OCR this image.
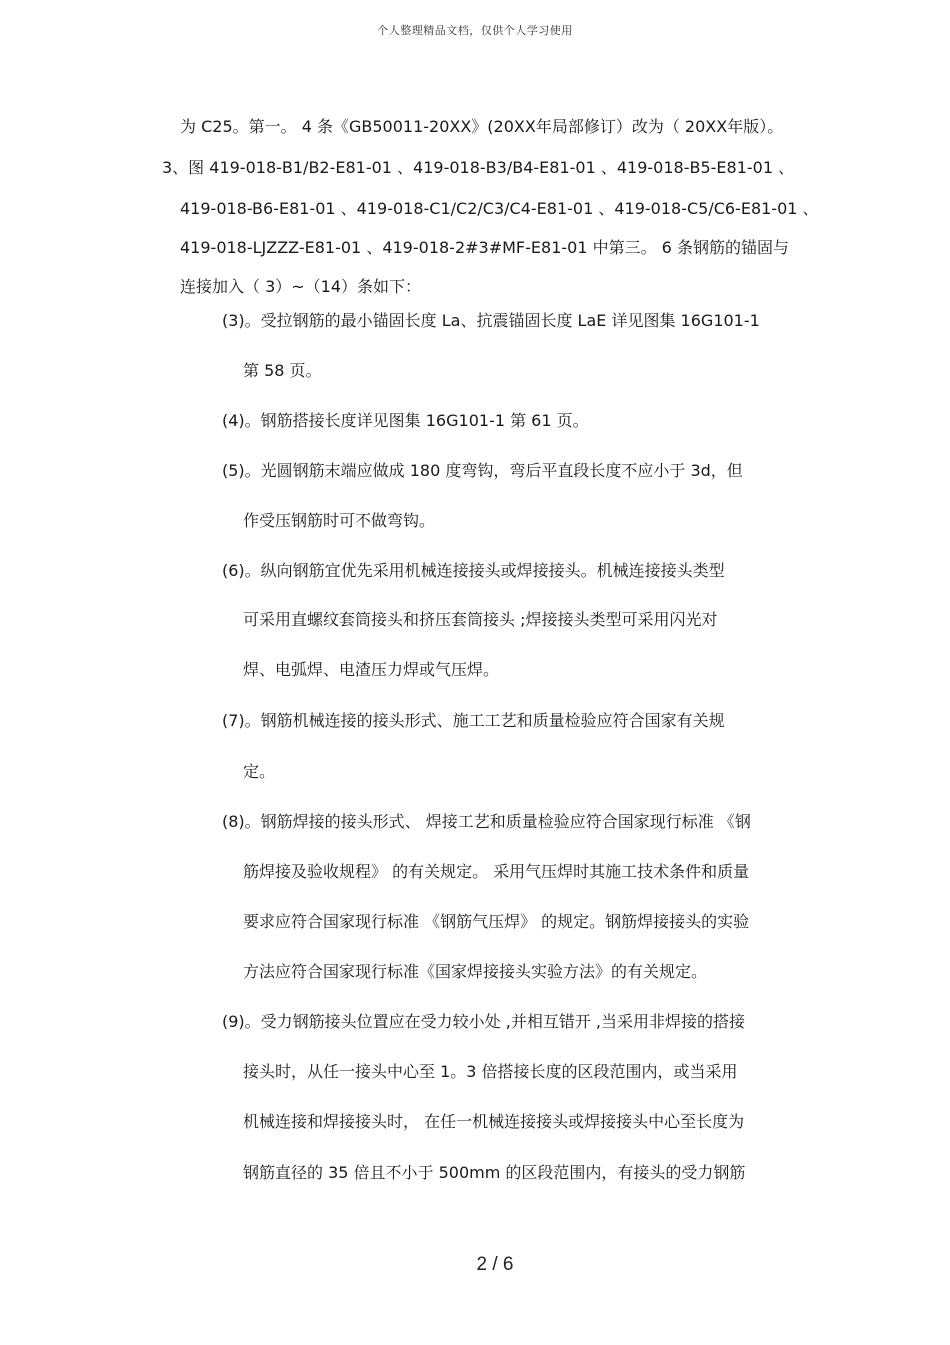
个人整理精品文档，仅供个人学习使用
为 C25。第一。 4 条《GB50011-20XX》(20XX年局部修订）改为（ 20XX年版）。
3、图 419-018-B1/B2-E81-01 、419-018-B3/B4-E81-01 、419-018-B5-E81-01 、
419-018-B6-E81-01 、419-018-C1/C2/C3/C4-E81-01 、419-018-C5/C6-E81-01 、
419-018-LJZZZ-E81-01 、419-018-2#3#MF-E81-01 中第三。 6 条钢筋的锚固与
连接加入（ 3）~（14）条如下：
(3)。受拉钢筋的最小锚固长度 La、抗震锚固长度 LaE 详见图集 16G101-1
第 58 页。
(4)。钢筋搭接长度详见图集 16G101-1 第 61 页。
(5)。光圆钢筋末端应做成 180 度弯钩，弯后平直段长度不应小于 3d，但
作受压钢筋时可不做弯钩。
(6)。纵向钢筋宜优先采用机械连接接头或焊接接头。机械连接接头类型
可采用直螺纹套筒接头和挤压套筒接头 ;焊接接头类型可采用闪光对
焊、电弧焊、电渣压力焊或气压焊。
(7)。钢筋机械连接的接头形式、施工工艺和质量检验应符合国家有关规
定。
(8)。钢筋焊接的接头形式、 焊接工艺和质量检验应符合国家现行标准 《钢
筋焊接及验收规程》 的有关规定。 采用气压焊时其施工技术条件和质量
要求应符合国家现行标准 《钢筋气压焊》 的规定。钢筋焊接接头的实验
方法应符合国家现行标准《国家焊接接头实验方法》的有关规定。
(9)。受力钢筋接头位置应在受力较小处 ,并相互错开 ,当采用非焊接的搭接
接头时，从任一接头中心至 1。3 倍搭接长度的区段范围内，或当采用
机械连接和焊接接头时， 在任一机械连接接头或焊接接头中心至长度为
钢筋直径的 35 倍且不小于 500mm 的区段范围内，有接头的受力钢筋
2 / 6
